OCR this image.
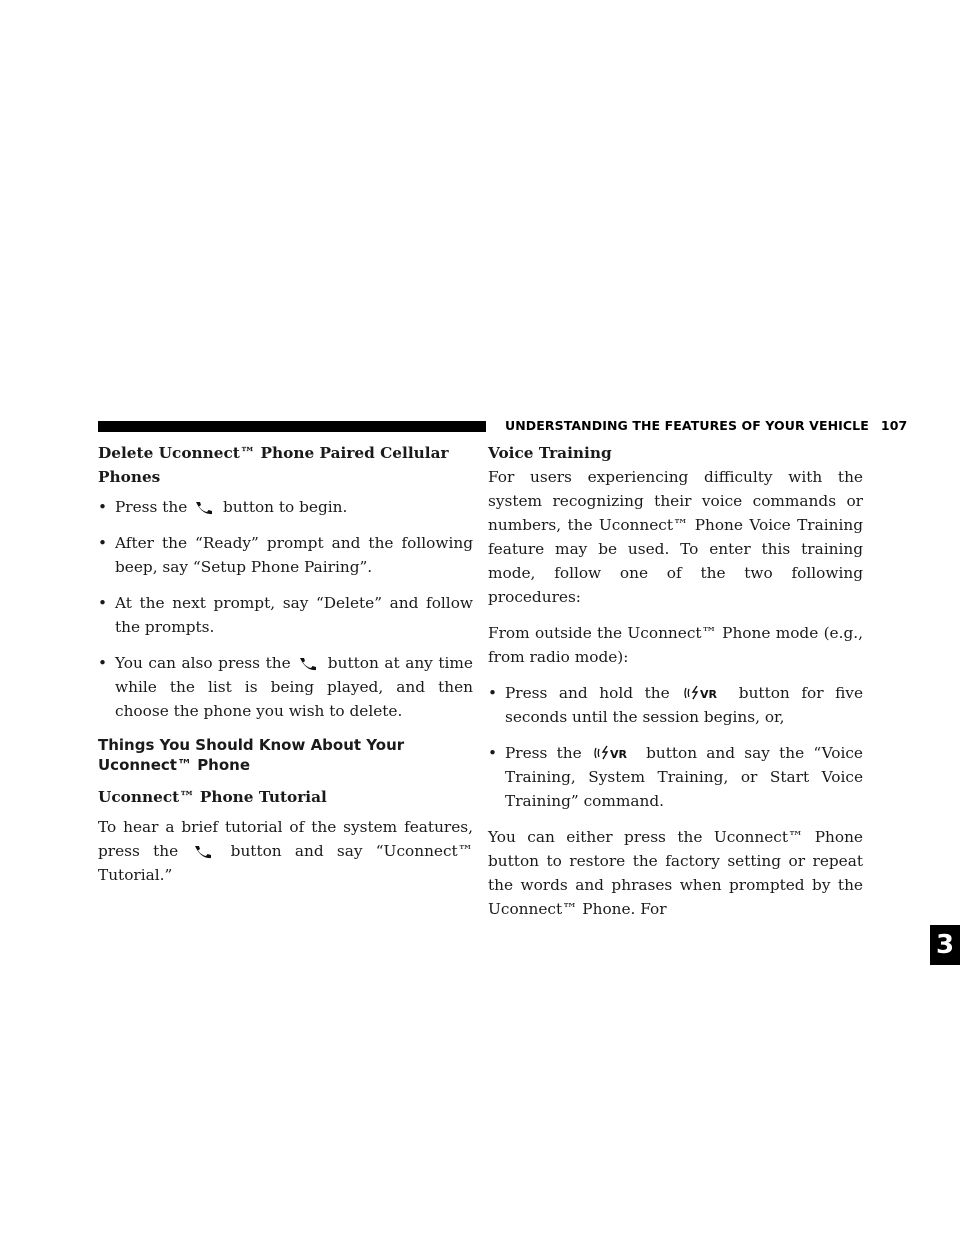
UNDERSTANDING THE FEATURES OF YOUR VEHICLE 107
3
Delete Uconnect™ Phone Paired Cellular Phones
• Press the button to begin.
• After the “Ready” prompt and the following beep, say “Setup Phone Pairing”.
• At the next prompt, say “Delete” and follow the prompts.
• You can also press the button at any time while the list is being played, and then choose the phone you wish to delete.
Things You Should Know About Your Uconnect™ Phone
Uconnect™ Phone Tutorial

To hear a brief tutorial of the system features, press the	button and say “Uconnect™ Tutorial.”

Voice Training

For users experiencing difficulty with the system recognizing their voice commands or numbers, the Uconnect™ Phone Voice Training feature may be used. To enter this training mode, follow one of the two following procedures:

From outside the Uconnect™ Phone mode (e.g., from radio mode):

• Press and hold the	VR button for five seconds until the session begins, or,
• Press the	VR button and say the “Voice Training, System Training, or Start Voice Training” command.

You can either press the Uconnect™ Phone button to restore the factory setting or repeat the words and phrases when prompted by the Uconnect™ Phone. For
